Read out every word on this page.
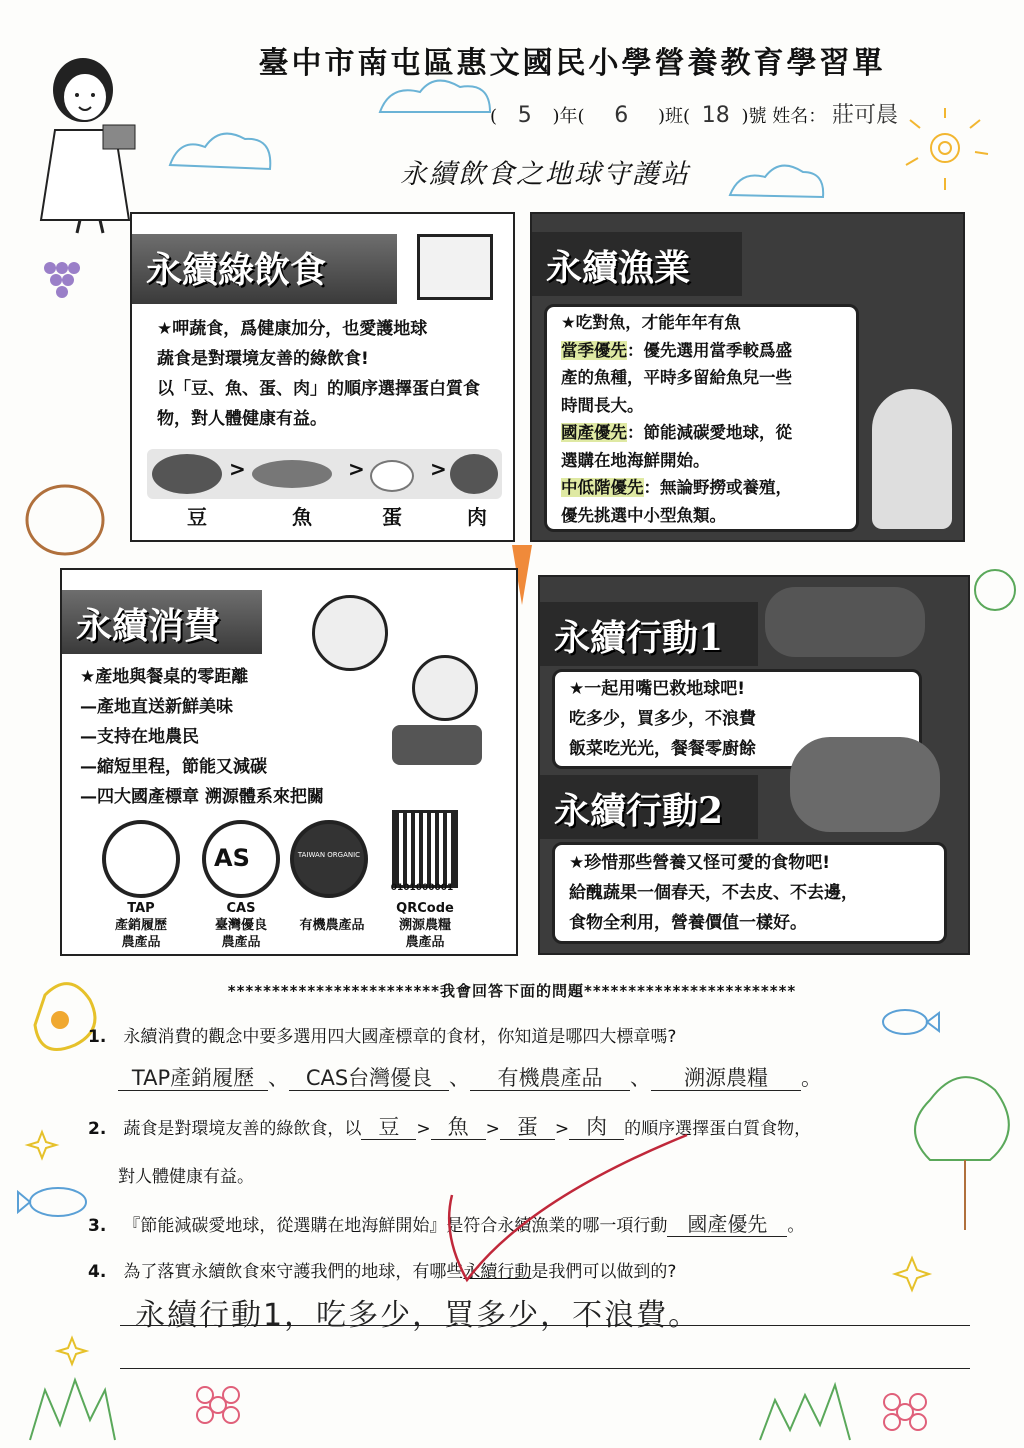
臺中市南屯區惠文國民小學營養教育學習單
( 5 )年( 6 )班( 18 )號 姓名： 莊可晨
永續飲食之地球守護站
永續綠飲食
★呷蔬食，爲健康加分，也愛護地球
蔬食是對環境友善的綠飲食!
以「豆、魚、蛋、肉」的順序選擇蛋白質食
物，對人體健康有益。
>	>	>
豆	魚	蛋	肉
永續漁業
★吃對魚，才能年年有魚
當季優先：優先選用當季較爲盛
產的魚種，平時多留給魚兒一些
時間長大。
國產優先：節能減碳愛地球，從
選購在地海鮮開始。
中低階優先：無論野撈或養殖，
優先挑選中小型魚類。
永續消費
★產地與餐桌的零距離
—產地直送新鮮美味
—支持在地農民
—縮短里程，節能又減碳
—四大國產標章 溯源體系來把關
AS	TAIWAN ORGANIC
0101000001
TAP
產銷履歷
農產品
CAS
臺灣優良
農產品
有機農產品
QRCode
溯源農糧
農產品
永續行動1
★一起用嘴巴救地球吧!
吃多少，買多少，不浪費
飯菜吃光光，餐餐零廚餘
永續行動2
★珍惜那些營養又怪可愛的食物吧!
給醜蔬果一個春天，不去皮、不去邊，
食物全利用，營養價值一樣好。
************************我會回答下面的問題************************
1. 永續消費的觀念中要多選用四大國產標章的食材，你知道是哪四大標章嗎?
TAP產銷履歷 、 CAS台灣優良 、 有機農產品 、 溯源農糧 。
2. 蔬食是對環境友善的綠飲食，以 豆 > 魚 > 蛋 > 肉 的順序選擇蛋白質食物，
對人體健康有益。
3. 『節能減碳愛地球，從選購在地海鮮開始』是符合永續漁業的哪一項行動 國產優先 。
4. 為了落實永續飲食來守護我們的地球，有哪些永續行動是我們可以做到的?
永續行動1，吃多少，買多少，不浪費。
